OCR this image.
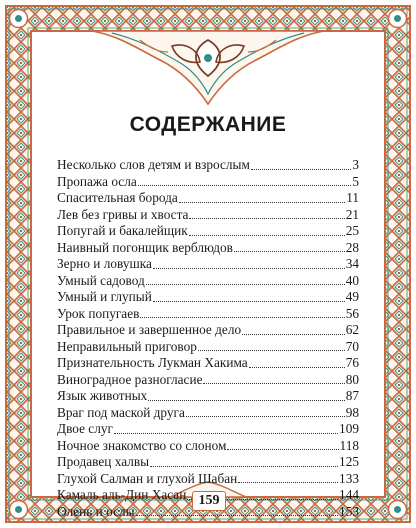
СОДЕРЖАНИЕ
Несколько слов детям и взрослым	3
Пропажа осла	5
Спасительная борода	11
Лев без гривы и хвоста	21
Попугай и бакалейщик	25
Наивный погонщик верблюдов	28
Зерно и ловушка	34
Умный садовод	40
Умный и глупый	49
Урок попугаев	56
Правильное и завершенное дело	62
Неправильный приговор	70
Признательность Лукман Хакима	76
Виноградное разногласие	80
Язык животных	87
Враг под маской друга	98
Двое слуг	109
Ночное знакомство со слоном	118
Продавец халвы	125
Глухой Салман и глухой Шабан	133
Камаль аль-Дин Хасан	144
Олень и ослы	153
159
